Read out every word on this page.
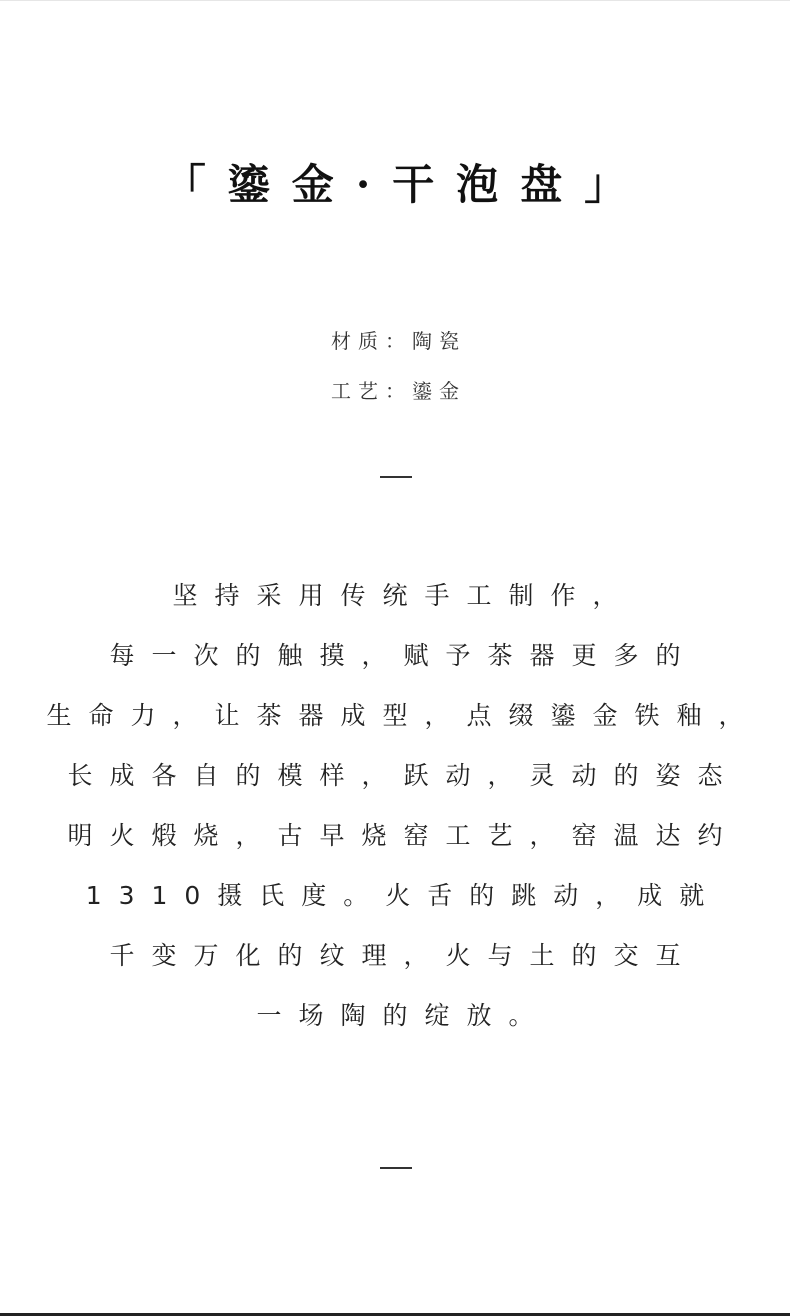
「鎏金·干泡盘」
材质：陶瓷
工艺：鎏金
坚持采用传统手工制作，
每一次的触摸，赋予茶器更多的
生命力，让茶器成型，点缀鎏金铁釉，
长成各自的模样，跃动，灵动的姿态
明火煅烧，古早烧窑工艺，窑温达约
1310摄氏度。火舌的跳动，成就
千变万化的纹理，火与土的交互
一场陶的绽放。
